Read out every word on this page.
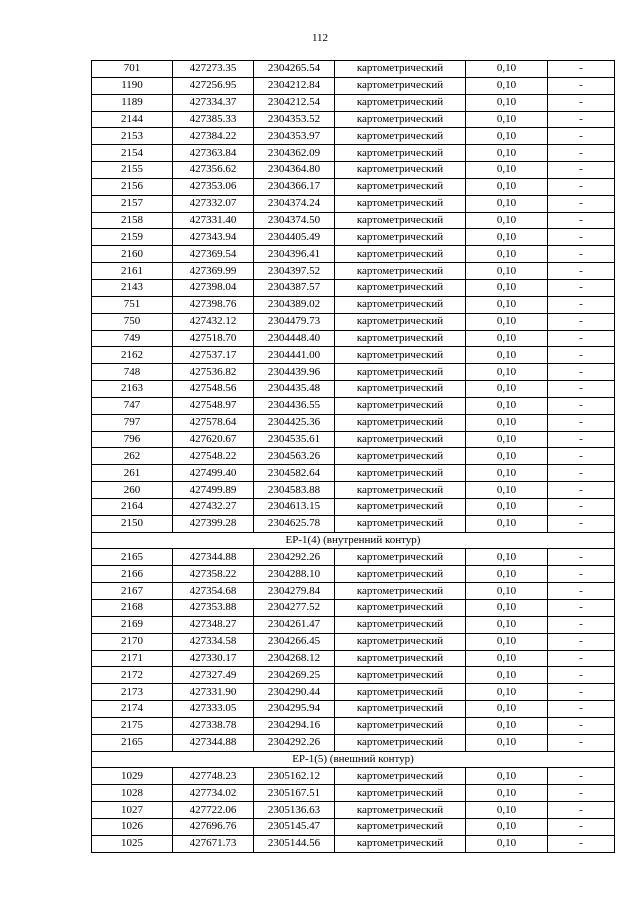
112
701	427273.35	2304265.54	картометрический	0,10	-
1190	427256.95	2304212.84	картометрический	0,10	-
1189	427334.37	2304212.54	картометрический	0,10	-
2144	427385.33	2304353.52	картометрический	0,10	-
2153	427384.22	2304353.97	картометрический	0,10	-
2154	427363.84	2304362.09	картометрический	0,10	-
2155	427356.62	2304364.80	картометрический	0,10	-
2156	427353.06	2304366.17	картометрический	0,10	-
2157	427332.07	2304374.24	картометрический	0,10	-
2158	427331.40	2304374.50	картометрический	0,10	-
2159	427343.94	2304405.49	картометрический	0,10	-
2160	427369.54	2304396.41	картометрический	0,10	-
2161	427369.99	2304397.52	картометрический	0,10	-
2143	427398.04	2304387.57	картометрический	0,10	-
751	427398.76	2304389.02	картометрический	0,10	-
750	427432.12	2304479.73	картометрический	0,10	-
749	427518.70	2304448.40	картометрический	0,10	-
2162	427537.17	2304441.00	картометрический	0,10	-
748	427536.82	2304439.96	картометрический	0,10	-
2163	427548.56	2304435.48	картометрический	0,10	-
747	427548.97	2304436.55	картометрический	0,10	-
797	427578.64	2304425.36	картометрический	0,10	-
796	427620.67	2304535.61	картометрический	0,10	-
262	427548.22	2304563.26	картометрический	0,10	-
261	427499.40	2304582.64	картометрический	0,10	-
260	427499.89	2304583.88	картометрический	0,10	-
2164	427432.27	2304613.15	картометрический	0,10	-
2150	427399.28	2304625.78	картометрический	0,10	-
ЕР-1(4) (внутренний контур)					
2165	427344.88	2304292.26	картометрический	0,10	-
2166	427358.22	2304288.10	картометрический	0,10	-
2167	427354.68	2304279.84	картометрический	0,10	-
2168	427353.88	2304277.52	картометрический	0,10	-
2169	427348.27	2304261.47	картометрический	0,10	-
2170	427334.58	2304266.45	картометрический	0,10	-
2171	427330.17	2304268.12	картометрический	0,10	-
2172	427327.49	2304269.25	картометрический	0,10	-
2173	427331.90	2304290.44	картометрический	0,10	-
2174	427333.05	2304295.94	картометрический	0,10	-
2175	427338.78	2304294.16	картометрический	0,10	-
2165	427344.88	2304292.26	картометрический	0,10	-
ЕР-1(5) (внешний контур)					
1029	427748.23	2305162.12	картометрический	0,10	-
1028	427734.02	2305167.51	картометрический	0,10	-
1027	427722.06	2305136.63	картометрический	0,10	-
1026	427696.76	2305145.47	картометрический	0,10	-
1025	427671.73	2305144.56	картометрический	0,10	-
